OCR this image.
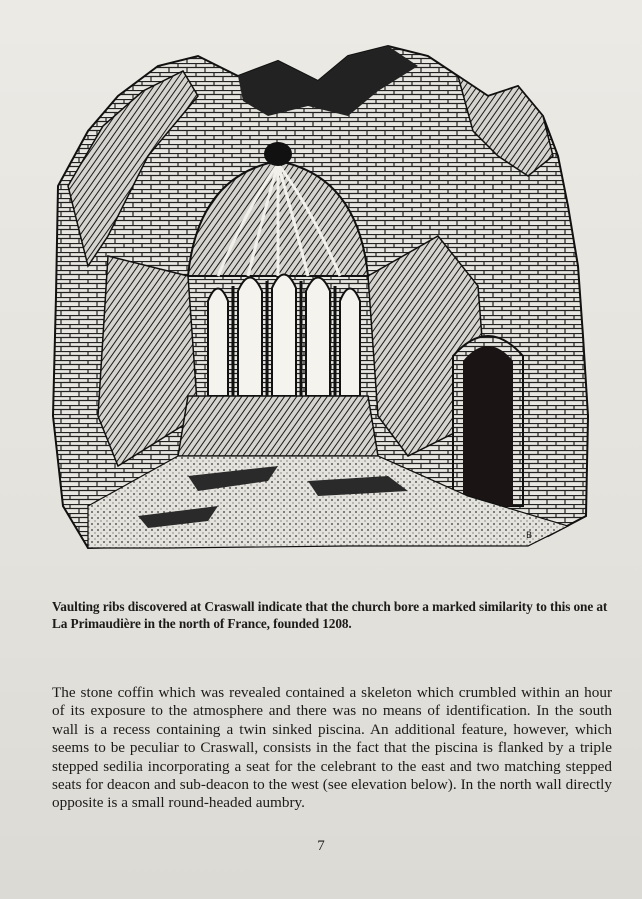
B
Vaulting ribs discovered at Craswall indicate that the church bore a marked similarity to this one at La Primaudière in the north of France, founded 1208.
The stone coffin which was revealed contained a skeleton which crumbled within an hour of its exposure to the atmosphere and there was no means of identification. In the south wall is a recess containing a twin sinked piscina. An additional feature, however, which seems to be peculiar to Craswall, consists in the fact that the piscina is flanked by a triple stepped sedilia incorporating a seat for the celebrant to the east and two matching stepped seats for deacon and sub-deacon to the west (see elevation below). In the north wall directly opposite is a small round-headed aumbry.
7
